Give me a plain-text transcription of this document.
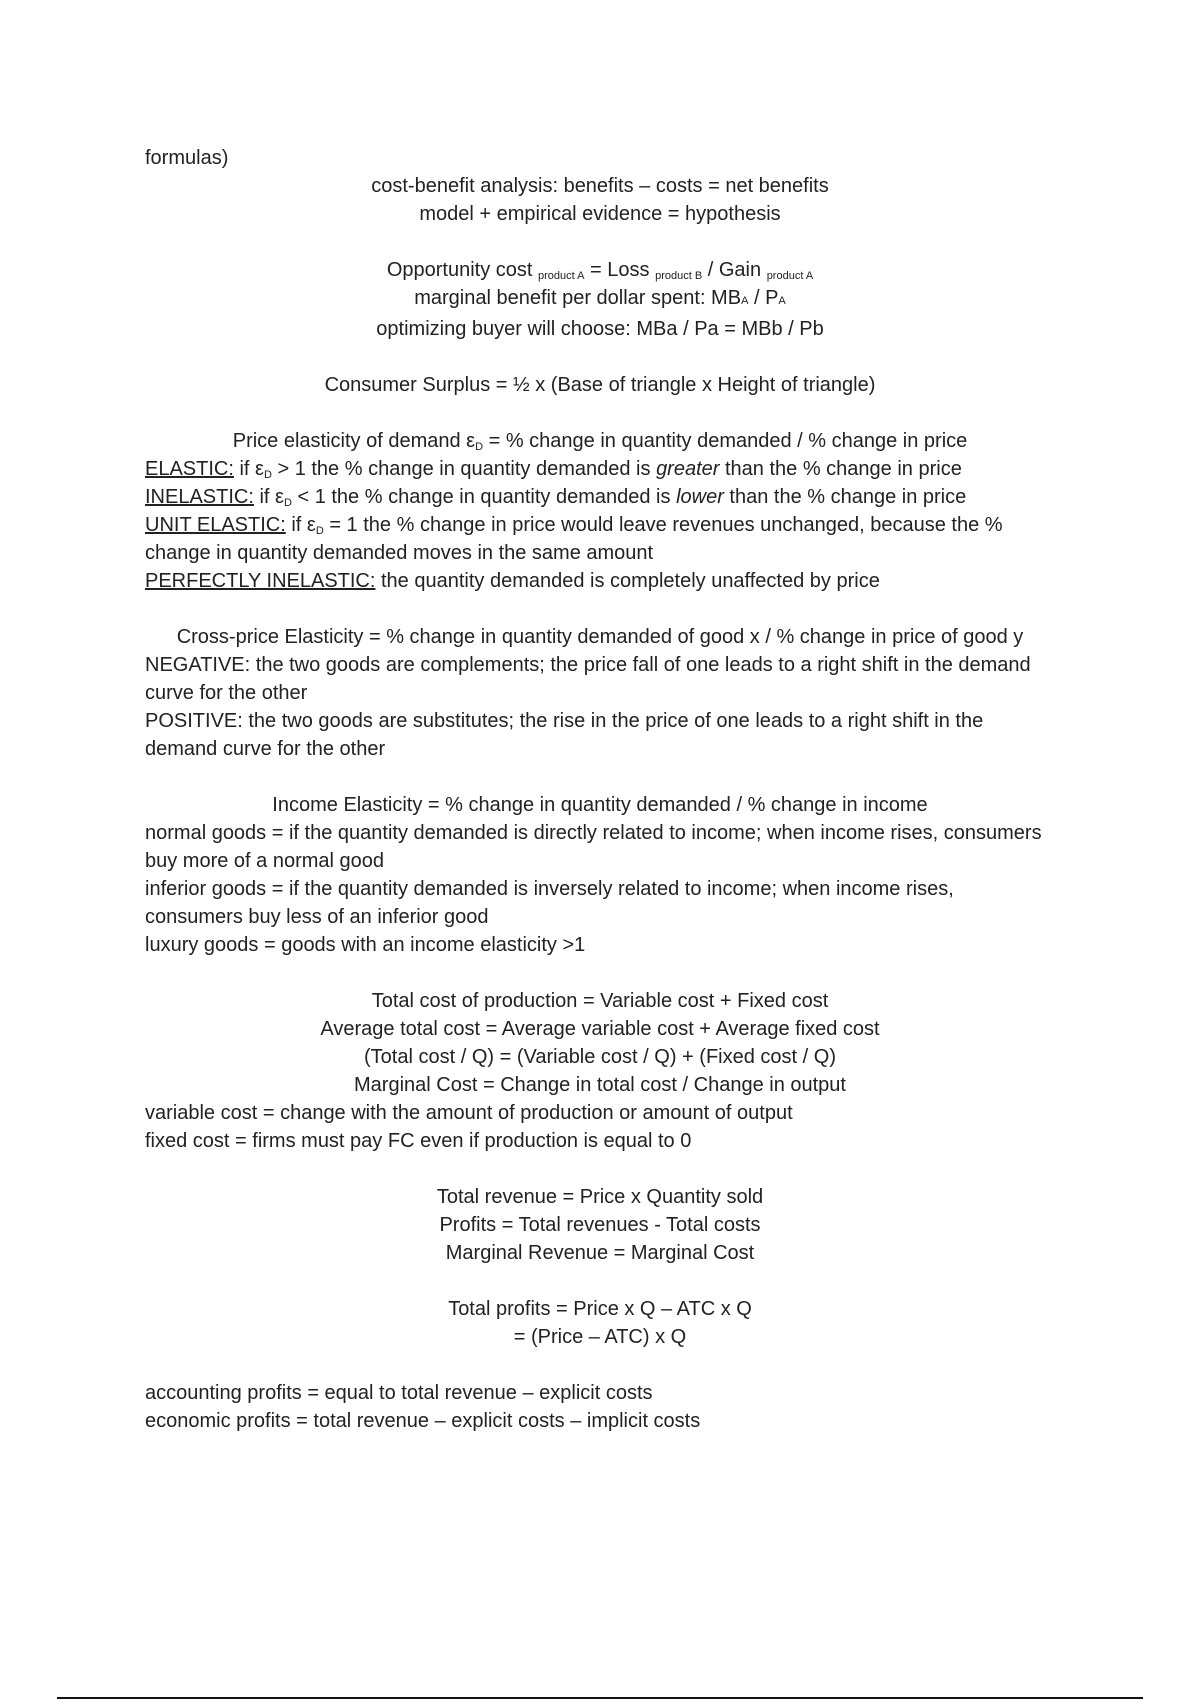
formulas)

cost-benefit analysis: benefits – costs = net benefits

model + empirical evidence = hypothesis

Opportunity cost $_{product A}$ = Loss $_{product B}$ / Gain $_{product A}$

marginal benefit per dollar spent: MBA / PA

optimizing buyer will choose: MBa / Pa = MBb / Pb

Consumer Surplus = ½ x (Base of triangle x Height of triangle)

Price elasticity of demand $\varepsilon_D$ = % change in quantity demanded / % change in price

ELASTIC: if $\varepsilon_D > 1$ the % change in quantity demanded is greater than the % change in price

INELASTIC: if $\varepsilon_D < 1$ the % change in quantity demanded is lower than the % change in price

UNIT ELASTIC: if $\varepsilon_D = 1$ the % change in price would leave revenues unchanged, because the % change in quantity demanded moves in the same amount

PERFECTLY INELASTIC: the quantity demanded is completely unaffected by price

Cross-price Elasticity = % change in quantity demanded of good x / % change in price of good y

NEGATIVE: the two goods are complements; the price fall of one leads to a right shift in the demand curve for the other

POSITIVE: the two goods are substitutes; the rise in the price of one leads to a right shift in the demand curve for the other

Income Elasticity = % change in quantity demanded / % change in income

normal goods = if the quantity demanded is directly related to income; when income rises, consumers buy more of a normal good

inferior goods = if the quantity demanded is inversely related to income; when income rises, consumers buy less of an inferior good

luxury goods = goods with an income elasticity >1

Total cost of production = Variable cost + Fixed cost

Average total cost = Average variable cost + Average fixed cost

(Total cost / Q) = (Variable cost / Q) + (Fixed cost / Q)

Marginal Cost = Change in total cost / Change in output

variable cost = change with the amount of production or amount of output

fixed cost = firms must pay FC even if production is equal to 0

Total revenue = Price x Quantity sold

Profits = Total revenues - Total costs

Marginal Revenue = Marginal Cost

Total profits = Price x Q – ATC x Q

= (Price – ATC) x Q

accounting profits = equal to total revenue – explicit costs

economic profits = total revenue – explicit costs – implicit costs
